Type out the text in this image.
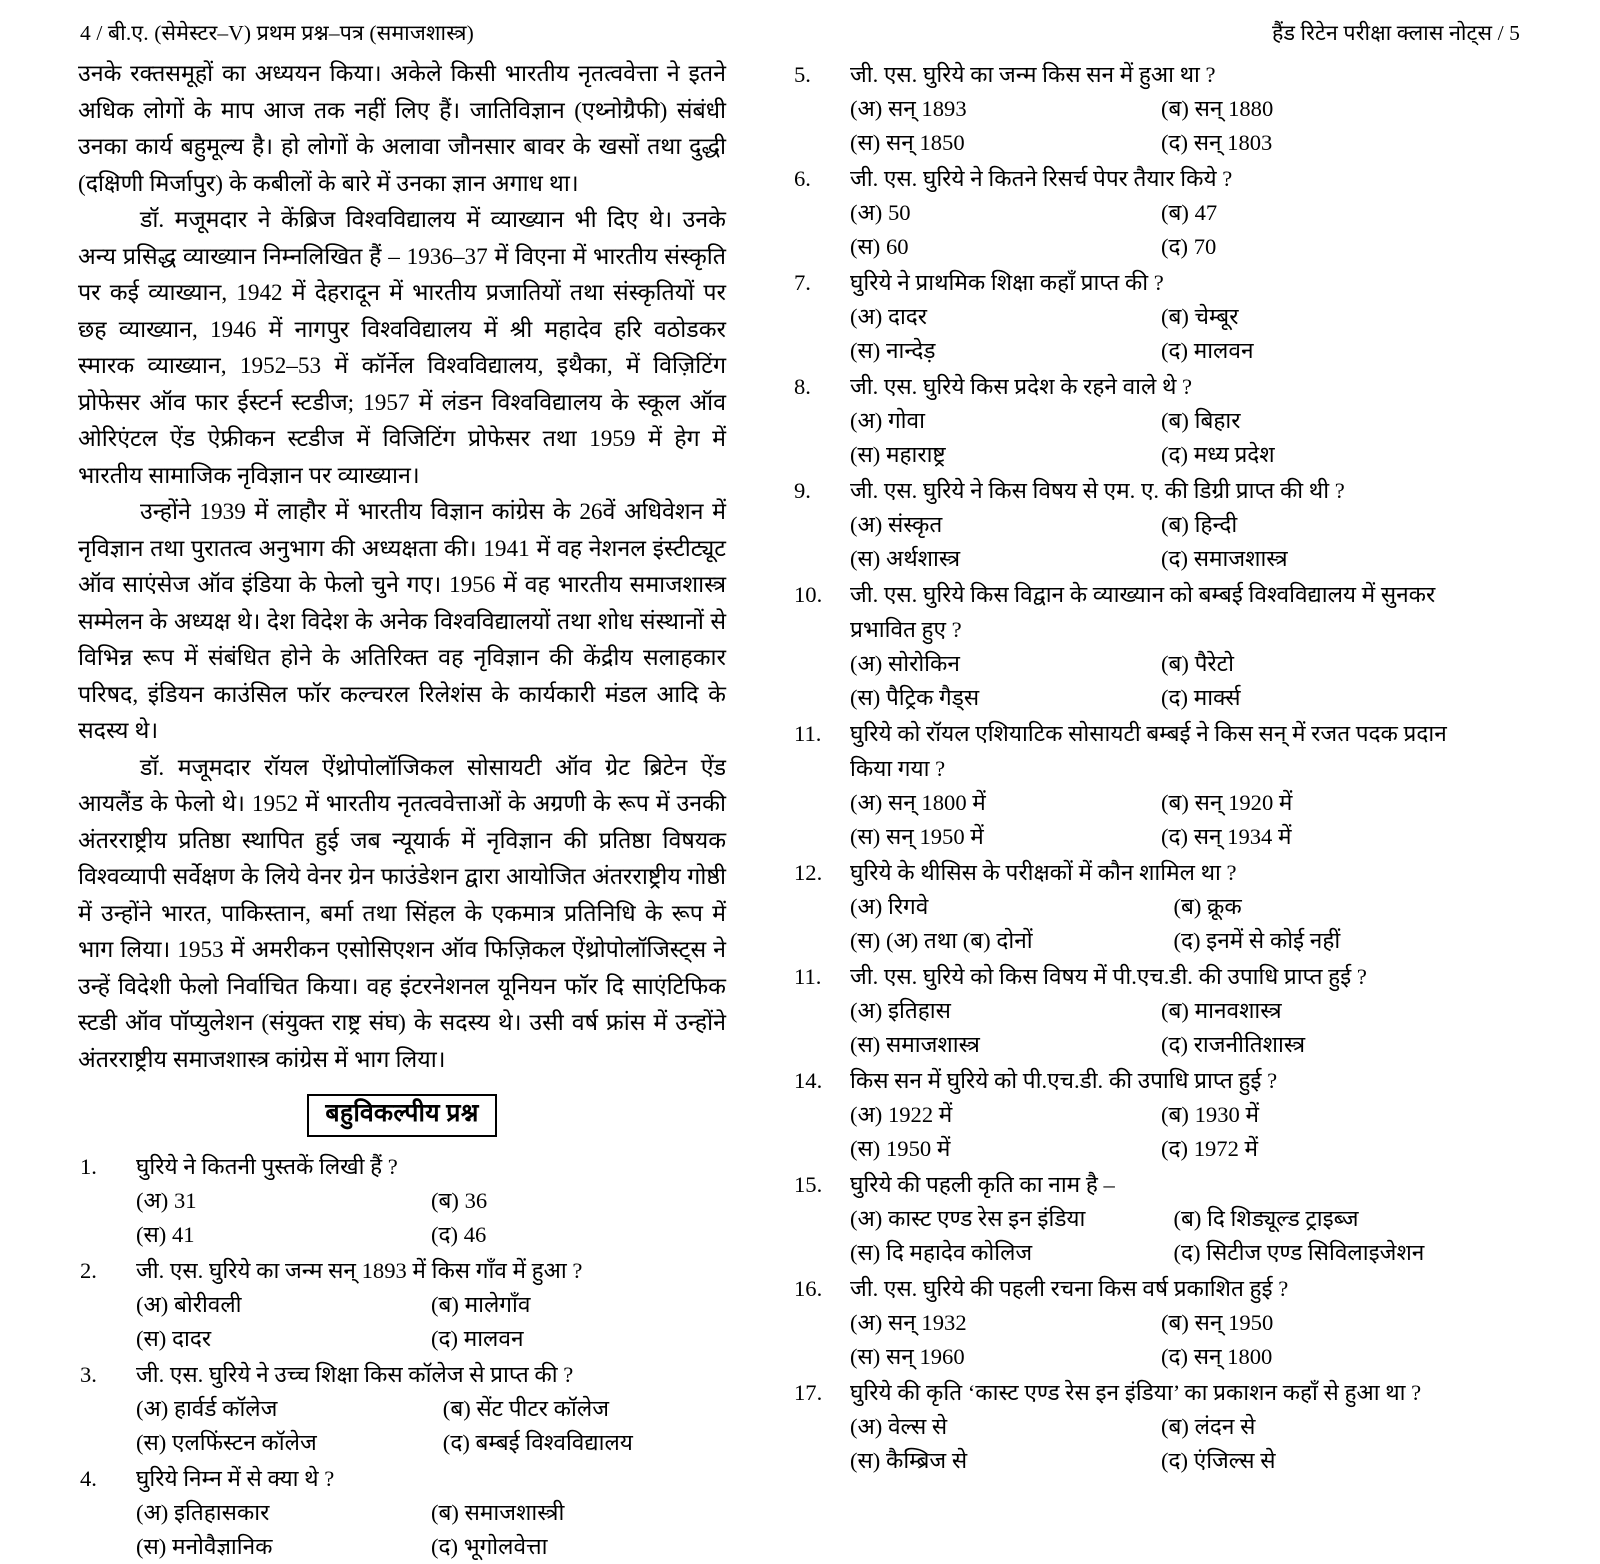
4 / बी.ए. (सेमेस्टर–V) प्रथम प्रश्न–पत्र (समाजशास्त्र)	हैंड रिटेन परीक्षा क्लास नोट्स / 5

उनके रक्तसमूहों का अध्ययन किया। अकेले किसी भारतीय नृतत्ववेत्ता ने इतने अधिक लोगों के माप आज तक नहीं लिए हैं। जातिविज्ञान (एथ्नोग्रैफी) संबंधी उनका कार्य बहुमूल्य है। हो लोगों के अलावा जौनसार बावर के खसों तथा दुद्धी (दक्षिणी मिर्जापुर) के कबीलों के बारे में उनका ज्ञान अगाध था।

डॉ. मजूमदार ने केंब्रिज विश्वविद्यालय में व्याख्यान भी दिए थे। उनके अन्य प्रसिद्ध व्याख्यान निम्नलिखित हैं – 1936–37 में विएना में भारतीय संस्कृति पर कई व्याख्यान, 1942 में देहरादून में भारतीय प्रजातियों तथा संस्कृतियों पर छह व्याख्यान, 1946 में नागपुर विश्वविद्यालय में श्री महादेव हरि वठोडकर स्मारक व्याख्यान, 1952–53 में कॉर्नेल विश्वविद्यालय, इथैका, में विज़िटिंग प्रोफेसर ऑव फार ईस्टर्न स्टडीज; 1957 में लंडन विश्वविद्यालय के स्कूल ऑव ओरिएंटल ऐंड ऐफ्रीकन स्टडीज में विजिटिंग प्रोफेसर तथा 1959 में हेग में भारतीय सामाजिक नृविज्ञान पर व्याख्यान।

उन्होंने 1939 में लाहौर में भारतीय विज्ञान कांग्रेस के 26वें अधिवेशन में नृविज्ञान तथा पुरातत्व अनुभाग की अध्यक्षता की। 1941 में वह नेशनल इंस्टीट्यूट ऑव साएंसेज ऑव इंडिया के फेलो चुने गए। 1956 में वह भारतीय समाजशास्त्र सम्मेलन के अध्यक्ष थे। देश विदेश के अनेक विश्वविद्यालयों तथा शोध संस्थानों से विभिन्न रूप में संबंधित होने के अतिरिक्त वह नृविज्ञान की केंद्रीय सलाहकार परिषद, इंडियन काउंसिल फॉर कल्चरल रिलेशंस के कार्यकारी मंडल आदि के सदस्य थे।

डॉ. मजूमदार रॉयल ऐंथ्रोपोलॉजिकल सोसायटी ऑव ग्रेट ब्रिटेन ऐंड आयलैंड के फेलो थे। 1952 में भारतीय नृतत्ववेत्ताओं के अग्रणी के रूप में उनकी अंतरराष्ट्रीय प्रतिष्ठा स्थापित हुई जब न्यूयार्क में नृविज्ञान की प्रतिष्ठा विषयक विश्वव्यापी सर्वेक्षण के लिये वेनर ग्रेन फाउंडेशन द्वारा आयोजित अंतरराष्ट्रीय गोष्ठी में उन्होंने भारत, पाकिस्तान, बर्मा तथा सिंहल के एकमात्र प्रतिनिधि के रूप में भाग लिया। 1953 में अमरीकन एसोसिएशन ऑव फिज़िकल ऐंथ्रोपोलॉजिस्ट्स ने उन्हें विदेशी फेलो निर्वाचित किया। वह इंटरनेशनल यूनियन फॉर दि साएंटिफिक स्टडी ऑव पॉप्युलेशन (संयुक्त राष्ट्र संघ) के सदस्य थे। उसी वर्ष फ्रांस में उन्होंने अंतरराष्ट्रीय समाजशास्त्र कांग्रेस में भाग लिया।

बहुविकल्पीय प्रश्न
1.	घुरिये ने कितनी पुस्तकें लिखी हैं ?
(अ) 31	(ब) 36
(स) 41	(द) 46
2.	जी. एस. घुरिये का जन्म सन् 1893 में किस गाँव में हुआ ?
(अ) बोरीवली	(ब) मालेगाँव
(स) दादर	(द) मालवन
3.	जी. एस. घुरिये ने उच्च शिक्षा किस कॉलेज से प्राप्त की ?
(अ) हार्वर्ड कॉलेज	(ब) सेंट पीटर कॉलेज
(स) एलफिंस्टन कॉलेज	(द) बम्बई विश्वविद्यालय
4.	घुरिये निम्न में से क्या थे ?
(अ) इतिहासकार	(ब) समाजशास्त्री
(स) मनोवैज्ञानिक	(द) भूगोलवेत्ता
5.	जी. एस. घुरिये का जन्म किस सन में हुआ था ?
(अ) सन् 1893	(ब) सन् 1880
(स) सन् 1850	(द) सन् 1803
6.	जी. एस. घुरिये ने कितने रिसर्च पेपर तैयार किये ?
(अ) 50	(ब) 47
(स) 60	(द) 70
7.	घुरिये ने प्राथमिक शिक्षा कहाँ प्राप्त की ?
(अ) दादर	(ब) चेम्बूर
(स) नान्देड़	(द) मालवन
8.	जी. एस. घुरिये किस प्रदेश के रहने वाले थे ?
(अ) गोवा	(ब) बिहार
(स) महाराष्ट्र	(द) मध्य प्रदेश
9.	जी. एस. घुरिये ने किस विषय से एम. ए. की डिग्री प्राप्त की थी ?
(अ) संस्कृत	(ब) हिन्दी
(स) अर्थशास्त्र	(द) समाजशास्त्र
10.	जी. एस. घुरिये किस विद्वान के व्याख्यान को बम्बई विश्वविद्यालय में सुनकर प्रभावित हुए ?
(अ) सोरोकिन	(ब) पैरेटो
(स) पैट्रिक गैड्स	(द) मार्क्स
11.	घुरिये को रॉयल एशियाटिक सोसायटी बम्बई ने किस सन् में रजत पदक प्रदान किया गया ?
(अ) सन् 1800 में	(ब) सन् 1920 में
(स) सन् 1950 में	(द) सन् 1934 में
12.	घुरिये के थीसिस के परीक्षकों में कौन शामिल था ?
(अ) रिगवे	(ब) क्रूक
(स) (अ) तथा (ब) दोनों	(द) इनमें से कोई नहीं
11.	जी. एस. घुरिये को किस विषय में पी.एच.डी. की उपाधि प्राप्त हुई ?
(अ) इतिहास	(ब) मानवशास्त्र
(स) समाजशास्त्र	(द) राजनीतिशास्त्र
14.	किस सन में घुरिये को पी.एच.डी. की उपाधि प्राप्त हुई ?
(अ) 1922 में	(ब) 1930 में
(स) 1950 में	(द) 1972 में
15.	घुरिये की पहली कृति का नाम है –
(अ) कास्ट एण्ड रेस इन इंडिया	(ब) दि शिड्यूल्ड ट्राइब्ज
(स) दि महादेव कोलिज	(द) सिटीज एण्ड सिविलाइजेशन
16.	जी. एस. घुरिये की पहली रचना किस वर्ष प्रकाशित हुई ?
(अ) सन् 1932	(ब) सन् 1950
(स) सन् 1960	(द) सन् 1800
17.	घुरिये की कृति ‘कास्ट एण्ड रेस इन इंडिया’ का प्रकाशन कहाँ से हुआ था ?
(अ) वेल्स से	(ब) लंदन से
(स) कैम्ब्रिज से	(द) एंजिल्स से
